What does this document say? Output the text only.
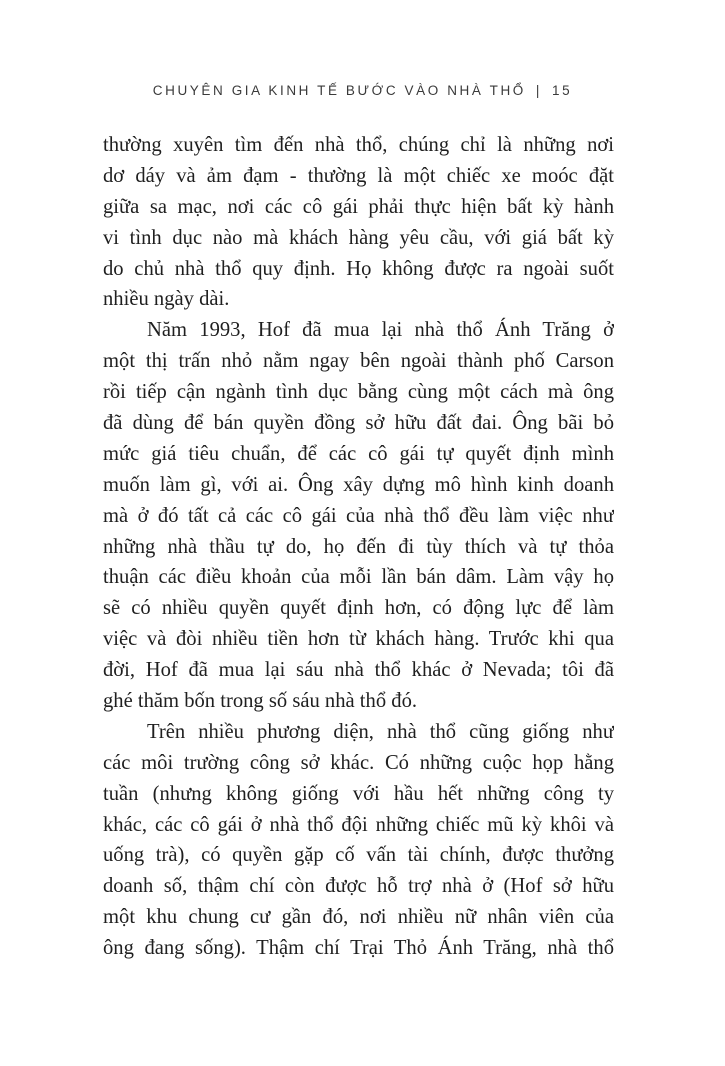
CHUYÊN GIA KINH TẾ BƯỚC VÀO NHÀ THỔ | 15
thường xuyên tìm đến nhà thổ, chúng chỉ là những nơi
dơ dáy và ảm đạm - thường là một chiếc xe moóc đặt
giữa sa mạc, nơi các cô gái phải thực hiện bất kỳ hành
vi tình dục nào mà khách hàng yêu cầu, với giá bất kỳ
do chủ nhà thổ quy định. Họ không được ra ngoài suốt
nhiều ngày dài.
Năm 1993, Hof đã mua lại nhà thổ Ánh Trăng ở
một thị trấn nhỏ nằm ngay bên ngoài thành phố Carson
rồi tiếp cận ngành tình dục bằng cùng một cách mà ông
đã dùng để bán quyền đồng sở hữu đất đai. Ông bãi bỏ
mức giá tiêu chuẩn, để các cô gái tự quyết định mình
muốn làm gì, với ai. Ông xây dựng mô hình kinh doanh
mà ở đó tất cả các cô gái của nhà thổ đều làm việc như
những nhà thầu tự do, họ đến đi tùy thích và tự thỏa
thuận các điều khoản của mỗi lần bán dâm. Làm vậy họ
sẽ có nhiều quyền quyết định hơn, có động lực để làm
việc và đòi nhiều tiền hơn từ khách hàng. Trước khi qua
đời, Hof đã mua lại sáu nhà thổ khác ở Nevada; tôi đã
ghé thăm bốn trong số sáu nhà thổ đó.
Trên nhiều phương diện, nhà thổ cũng giống như
các môi trường công sở khác. Có những cuộc họp hằng
tuần (nhưng không giống với hầu hết những công ty
khác, các cô gái ở nhà thổ đội những chiếc mũ kỳ khôi và
uống trà), có quyền gặp cố vấn tài chính, được thưởng
doanh số, thậm chí còn được hỗ trợ nhà ở (Hof sở hữu
một khu chung cư gần đó, nơi nhiều nữ nhân viên của
ông đang sống). Thậm chí Trại Thỏ Ánh Trăng, nhà thổ
